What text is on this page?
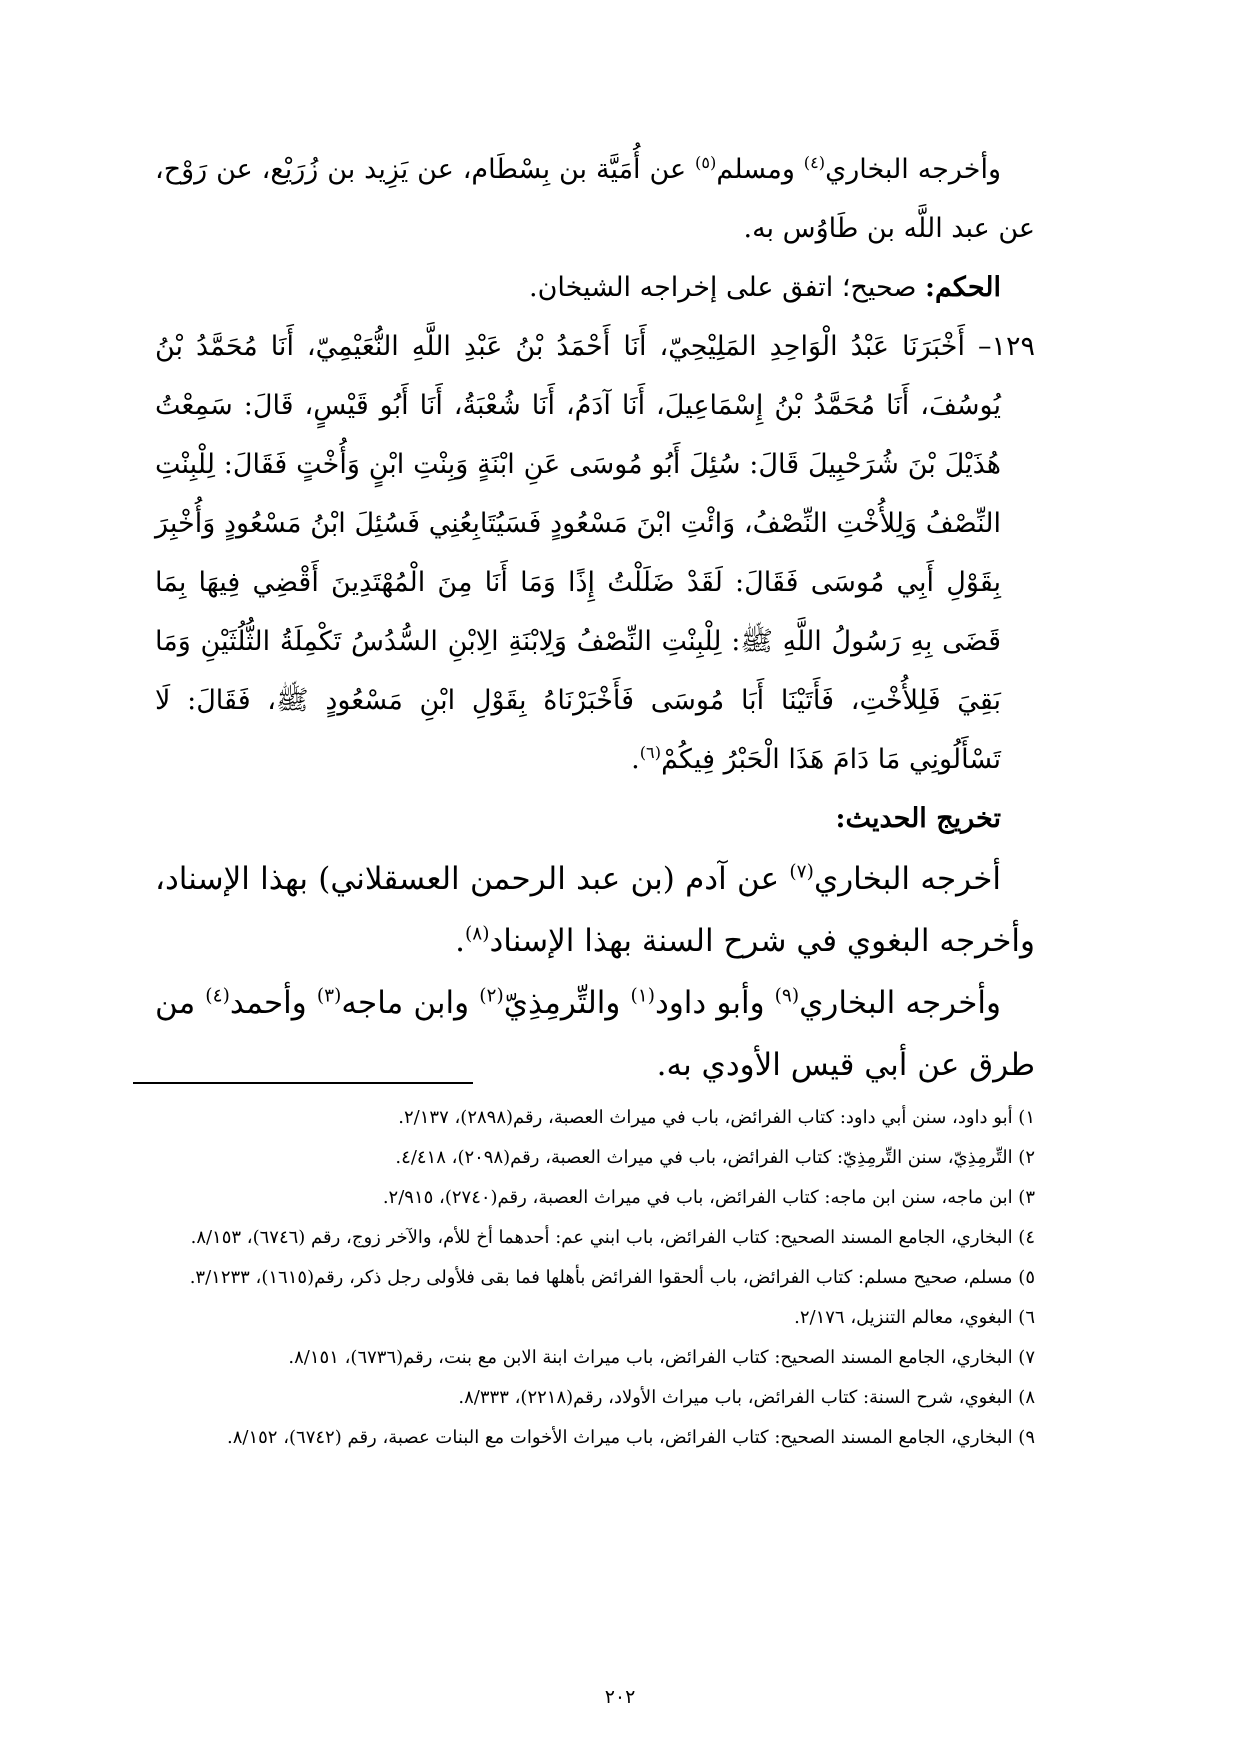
وأخرجه البخاري$^{(٤)}$ ومسلم$^{(٥)}$ عن أُمَيَّة بن بِسْطَام، عن يَزِيد بن زُرَيْع، عن رَوْح، عن عبد اللَّه بن طَاوُس به.

الحكم: صحيح؛ اتفق على إخراجه الشيخان.

١٢٩– أَخْبَرَنَا عَبْدُ الْوَاحِدِ المَلِيْحِيّ، أَنَا أَحْمَدُ بْنُ عَبْدِ اللَّهِ النُّعَيْمِيّ، أَنَا مُحَمَّدُ بْنُ يُوسُفَ، أَنَا مُحَمَّدُ بْنُ إِسْمَاعِيلَ، أَنَا آدَمُ، أَنَا شُعْبَةُ، أَنَا أَبُو قَيْسٍ، قَالَ: سَمِعْتُ هُذَيْلَ بْنَ شُرَحْبِيلَ قَالَ: سُئِلَ أَبُو مُوسَى عَنِ ابْنَةٍ وَبِنْتِ ابْنٍ وَأُخْتٍ فَقَالَ: لِلْبِنْتِ النِّصْفُ وَلِلأُخْتِ النِّصْفُ، وَائْتِ ابْنَ مَسْعُودٍ فَسَيُتَابِعُنِي فَسُئِلَ ابْنُ مَسْعُودٍ وَأُخْبِرَ بِقَوْلِ أَبِي مُوسَى فَقَالَ: لَقَدْ ضَلَلْتُ إِذًا وَمَا أَنَا مِنَ الْمُهْتَدِينَ أَقْضِي فِيهَا بِمَا قَضَى بِهِ رَسُولُ اللَّهِ ﷺ: لِلْبِنْتِ النِّصْفُ وَلِابْنَةِ الِابْنِ السُّدُسُ تَكْمِلَةُ الثُّلُثَيْنِ وَمَا بَقِيَ فَلِلأُخْتِ، فَأَتَيْنَا أَبَا مُوسَى فَأَخْبَرْنَاهُ بِقَوْلِ ابْنِ مَسْعُودٍ ﷺ، فَقَالَ: لَا تَسْأَلُونِي مَا دَامَ هَذَا الْحَبْرُ فِيكُمْ$^{(٦)}$.

تخريج الحديث:

أخرجه البخاري$^{(٧)}$ عن آدم (بن عبد الرحمن العسقلاني) بهذا الإسناد، وأخرجه البغوي في شرح السنة بهذا الإسناد$^{(٨)}$.

وأخرجه البخاري$^{(٩)}$ وأبو داود$^{(١)}$ والتِّرمِذِيّ$^{(٢)}$ وابن ماجه$^{(٣)}$ وأحمد$^{(٤)}$ من طرق عن أبي قيس الأودي به.

١) أبو داود، سنن أبي داود: كتاب الفرائض، باب في ميراث العصبة، رقم(٢٨٩٨)، ٢/١٣٧.

٢) التِّرمِذِيّ، سنن التِّرمِذِيّ: كتاب الفرائض، باب في ميراث العصبة، رقم(٢٠٩٨)، ٤/٤١٨.

٣) ابن ماجه، سنن ابن ماجه: كتاب الفرائض، باب في ميراث العصبة، رقم(٢٧٤٠)، ٢/٩١٥.

٤) البخاري، الجامع المسند الصحيح: كتاب الفرائض، باب ابني عم: أحدهما أخ للأم، والآخر زوج، رقم (٦٧٤٦)، ٨/١٥٣.

٥) مسلم، صحيح مسلم: كتاب الفرائض، باب ألحقوا الفرائض بأهلها فما بقى فلأولى رجل ذكر، رقم(١٦١٥)، ٣/١٢٣٣.

٦) البغوي، معالم التنزيل، ٢/١٧٦.

٧) البخاري، الجامع المسند الصحيح: كتاب الفرائض، باب ميراث ابنة الابن مع بنت، رقم(٦٧٣٦)، ٨/١٥١.

٨) البغوي، شرح السنة: كتاب الفرائض، باب ميراث الأولاد، رقم(٢٢١٨)، ٨/٣٣٣.

٩) البخاري، الجامع المسند الصحيح: كتاب الفرائض، باب ميراث الأخوات مع البنات عصبة، رقم (٦٧٤٢)، ٨/١٥٢.

٢٠٢
